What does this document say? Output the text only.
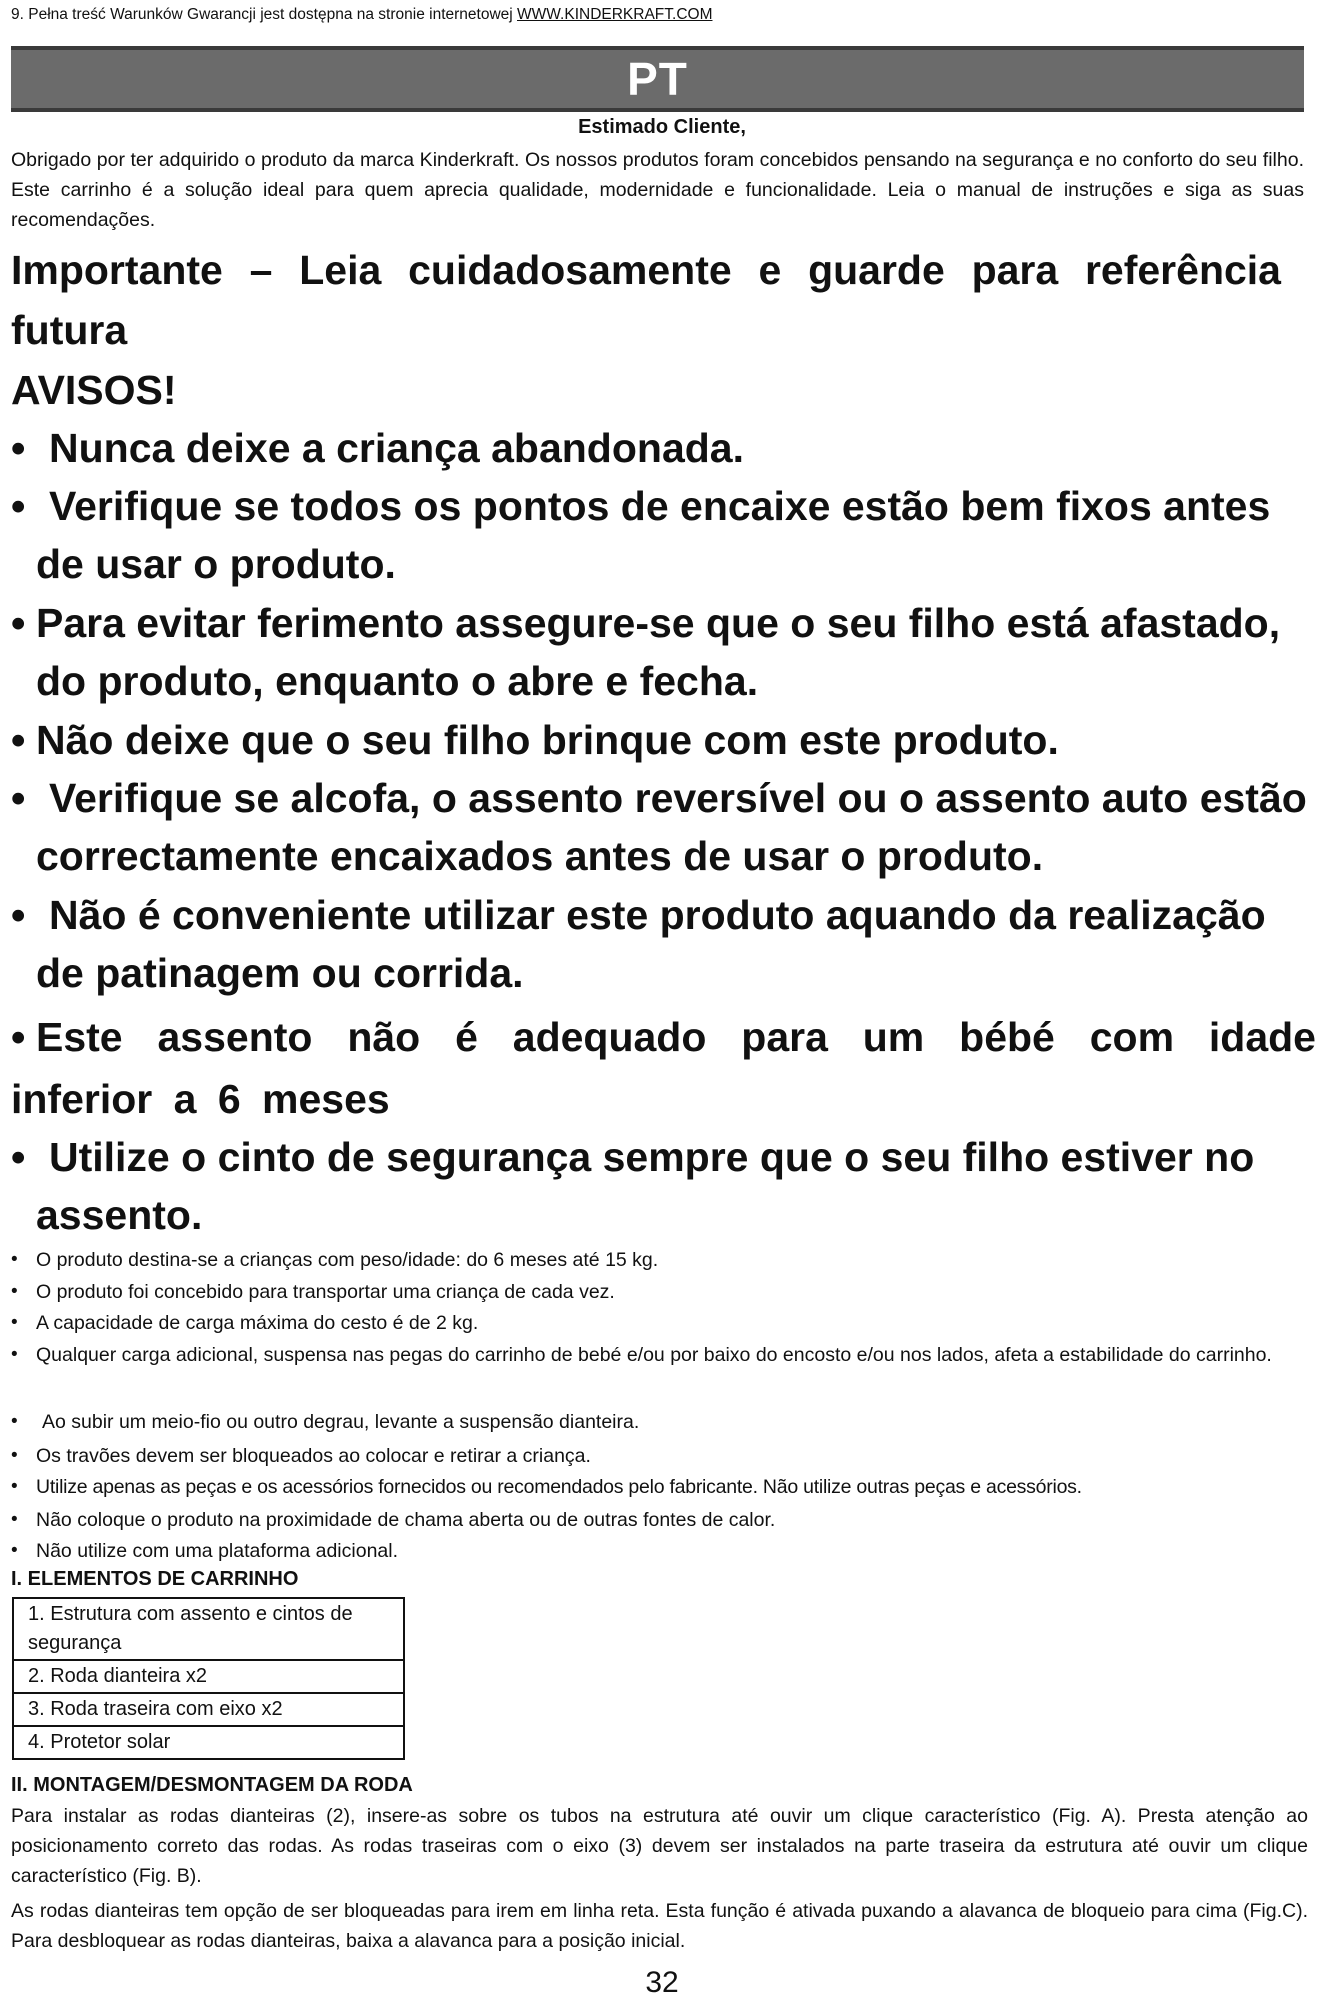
9. Pełna treść Warunków Gwarancji jest dostępna na stronie internetowej WWW.KINDERKRAFT.COM
PT
Estimado Cliente,
Obrigado por ter adquirido o produto da marca Kinderkraft. Os nossos produtos foram concebidos pensando na segurança e no conforto do seu filho. Este carrinho é a solução ideal para quem aprecia qualidade, modernidade e funcionalidade. Leia o manual de instruções e siga as suas recomendações.
Importante – Leia cuidadosamente e guarde para referência
futura
AVISOS!
• Nunca deixe a criança abandonada.
• Verifique se todos os pontos de encaixe estão bem fixos antes de usar o produto.
• Para evitar ferimento assegure-se que o seu filho está afastado, do produto, enquanto o abre e fecha.
• Não deixe que o seu filho brinque com este produto.
• Verifique se alcofa, o assento reversível ou o assento auto estão correctamente encaixados antes de usar o produto.
• Não é conveniente utilizar este produto aquando da realização de patinagem ou corrida.
• Este assento não é adequado para um bébé com idade inferior a 6 meses
• Utilize o cinto de segurança sempre que o seu filho estiver no assento.
• O produto destina-se a crianças com peso/idade: do 6 meses até 15 kg.
• O produto foi concebido para transportar uma criança de cada vez.
• A capacidade de carga máxima do cesto é de 2 kg.
• Qualquer carga adicional, suspensa nas pegas do carrinho de bebé e/ou por baixo do encosto e/ou nos lados, afeta a estabilidade do carrinho.
•	Ao subir um meio-fio ou outro degrau, levante a suspensão dianteira.
• Os travões devem ser bloqueados ao colocar e retirar a criança.
• Utilize apenas as peças e os acessórios fornecidos ou recomendados pelo fabricante. Não utilize outras peças e acessórios.
• Não coloque o produto na proximidade de chama aberta ou de outras fontes de calor.
• Não utilize com uma plataforma adicional.
I. ELEMENTOS DE CARRINHO
1. Estrutura com assento e cintos de segurança
2. Roda dianteira x2
3. Roda traseira com eixo x2
4. Protetor solar
II. MONTAGEM/DESMONTAGEM DA RODA
Para instalar as rodas dianteiras (2), insere-as sobre os tubos na estrutura até ouvir um clique característico (Fig. A). Presta atenção ao posicionamento correto das rodas. As rodas traseiras com o eixo (3) devem ser instalados na parte traseira da estrutura até ouvir um clique característico (Fig. B).
As rodas dianteiras tem opção de ser bloqueadas para irem em linha reta. Esta função é ativada puxando a alavanca de bloqueio para cima (Fig.C). Para desbloquear as rodas dianteiras, baixa a alavanca para a posição inicial.
32
